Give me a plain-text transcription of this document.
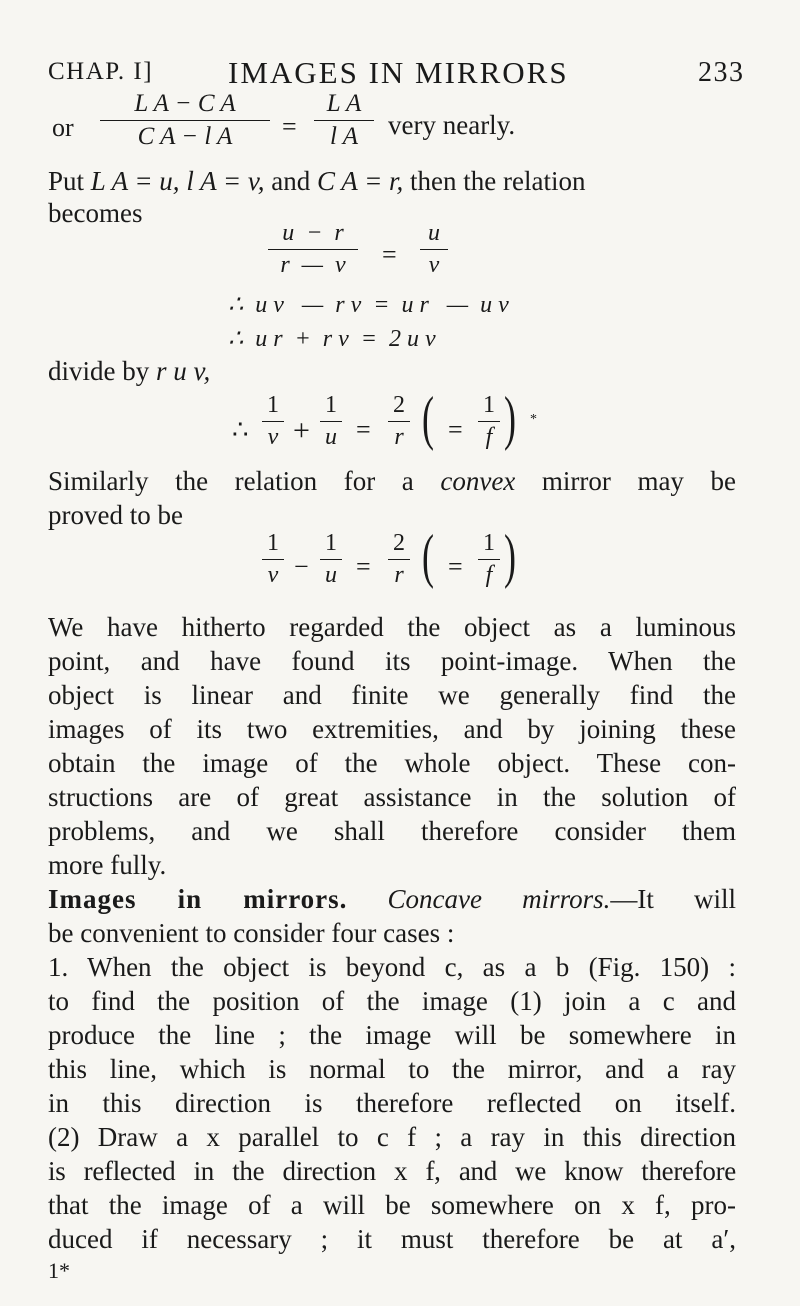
CHAP. I] IMAGES IN MIRRORS	233
or
L A − C A
C A − l A	=
L A
l A	very nearly.
Put L A = u, l A = v, and C A = r, then the relation
becomes
u  −  r
r  —  v	=
u
v
∴  u v   —  r v  =  u r   —  u v
∴  u r  +  r v  =  2 u v
divide by r u v,
∴
1
v +
1
u =
2
r ( =
1
f ) *
Similarly the relation for a convex mirror may be
proved to be
1
v −
1
u =
2
r ( =
1
f )
We have hitherto regarded the object as a luminous
point, and have found its point-image. When the
object is linear and finite we generally find the
images of its two extremities, and by joining these
obtain the image of the whole object. These con-
structions are of great assistance in the solution of
problems, and we shall therefore consider them
more fully.
Images in mirrors. Concave mirrors.—It will
be convenient to consider four cases :
1. When the object is beyond c, as a b (Fig. 150) :
to find the position of the image (1) join a c and
produce the line ; the image will be somewhere in
this line, which is normal to the mirror, and a ray
in this direction is therefore reflected on itself.
(2) Draw a x parallel to c f ; a ray in this direction
is reflected in the direction x f, and we know therefore
that the image of a will be somewhere on x f, pro-
duced if necessary ; it must therefore be at a′,
1*
